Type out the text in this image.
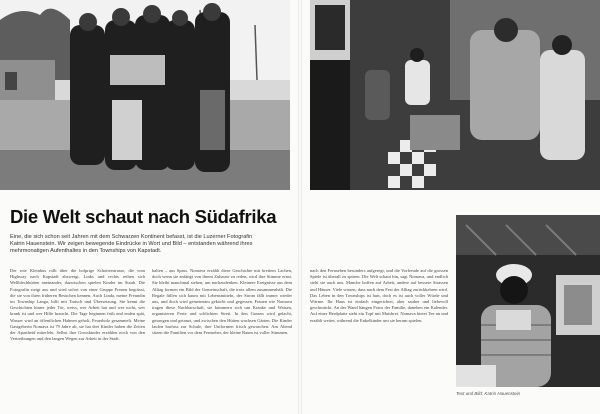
Die Welt schaut nach Südafrika

Eine, die sich schon seit Jahren mit dem Schwarzen Kontinent befasst, ist die Luzerner Fotografin

Katrin Hauenstein. Wir zeigen bewegende Eindrücke in Wort und Bild – entstanden während ihres

mehrmonatigen Aufenthaltes in den Townships von Kapstadt.

Der rote Kleinbus rollt über die holprige Schotterstrasse, die vom Highway nach Kapstadt abzweigt. Links und rechts reihen sich Wellblechhütten aneinander, dazwischen spielen Kinder im Staub. Die Fotografin steigt aus und wird sofort von einer Gruppe Frauen begrüsst, die sie von ihren früheren Besuchen kennen. Auch Linda, meine Freundin im Township Langa, hilft mit Tratsch und Übersetzung. Sie kennt die Geschichten hinter jeder Tür, weiss, wer Arbeit hat und wer nicht, wer krank ist und wer Hilfe braucht. Die Tage beginnen früh und enden spät, Wasser wird an öffentlichen Hahnen geholt, Feuerholz gesammelt. Meine Gastgeberin Nomava ist 79 Jahre alt, sie hat drei Kinder haben die Zeiten der Apartheid miterlebt. Selbst ihre Grosskinder erzählen noch von den Vertreibungen und den langen Wegen zur Arbeit in der Stadt.

halten – aus Spass. Nomava erzählt diese Geschichte mit breitem Lachen, doch wenn sie anfängt von ihrem Zuhause zu reden, wird ihre Stimme ernst. Sie bleibt manchmal stehen, um nachzudenken. Kleinere Ereignisse aus dem Alltag formen ein Bild der Gemeinschaft, die trotz allem zusammenhält. Die Regale füllen sich kaum mit Lebensmitteln, der Strom fällt immer wieder aus, und doch wird gemeinsam gekocht und gegessen. Frauen wie Nomava tragen diese Nachbarschaft, sie kümmern sich um Kranke und Waisen, organisieren Feste und schlichten Streit. In den Gassen wird gelacht, gesungen und getanzt, und zwischen den Hütten wachsen Gärten. Die Kinder laufen barfuss zur Schule, ihre Uniformen frisch gewaschen. Am Abend sitzen die Familien vor dem Fernseher, der kleine Raum ist voller Stimmen.

nach den Fernsehen besonders aufgeregt, und die Vorfreude auf die grossen Spiele ist überall zu spüren. Die Welt schaut hin, sagt Nomava, und endlich sieht sie auch uns. Manche hoffen auf Arbeit, andere auf bessere Strassen und Häuser. Viele wissen, dass nach dem Fest der Alltag zurückkehren wird. Das Leben in den Townships ist hart, doch es ist auch voller Würde und Wärme. Ihr Haus ist einfach eingerichtet, aber sauber und liebevoll geschmückt. An der Wand hängen Fotos der Familie, daneben ein Kalender. Auf einer Herdplatte steht ein Topf mit Maisbrei. Nomava bietet Tee an und erzählt weiter, während die Enkelkinder um sie herum spielen.

Text und Bild: Katrin Hauenstein
